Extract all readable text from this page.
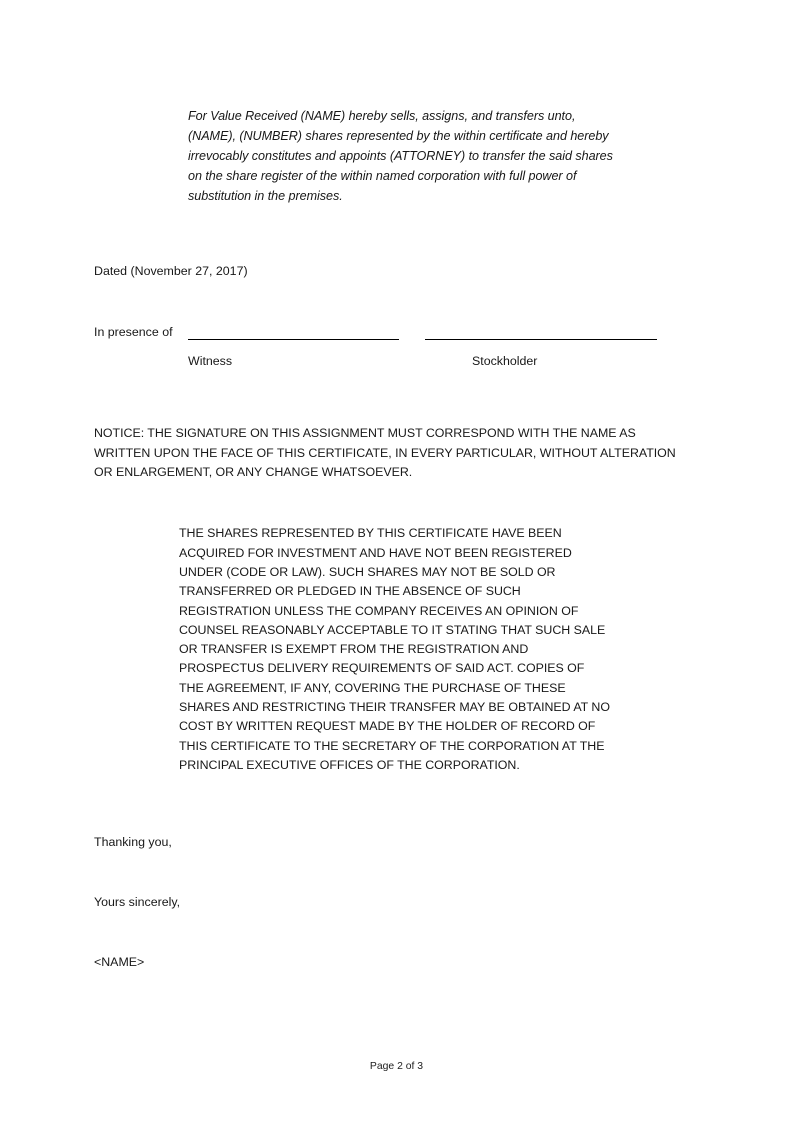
For Value Received (NAME) hereby sells, assigns, and transfers unto, (NAME), (NUMBER) shares represented by the within certificate and hereby irrevocably constitutes and appoints (ATTORNEY) to transfer the said shares on the share register of the within named corporation with full power of substitution in the premises.

Dated (November 27, 2017)
In presence of
Witness	Stockholder

NOTICE: THE SIGNATURE ON THIS ASSIGNMENT MUST CORRESPOND WITH THE NAME AS WRITTEN UPON THE FACE OF THIS CERTIFICATE, IN EVERY PARTICULAR, WITHOUT ALTERATION OR ENLARGEMENT, OR ANY CHANGE WHATSOEVER.

THE SHARES REPRESENTED BY THIS CERTIFICATE HAVE BEEN ACQUIRED FOR INVESTMENT AND HAVE NOT BEEN REGISTERED UNDER (CODE OR LAW). SUCH SHARES MAY NOT BE SOLD OR TRANSFERRED OR PLEDGED IN THE ABSENCE OF SUCH REGISTRATION UNLESS THE COMPANY RECEIVES AN OPINION OF COUNSEL REASONABLY ACCEPTABLE TO IT STATING THAT SUCH SALE OR TRANSFER IS EXEMPT FROM THE REGISTRATION AND PROSPECTUS DELIVERY REQUIREMENTS OF SAID ACT. COPIES OF THE AGREEMENT, IF ANY, COVERING THE PURCHASE OF THESE SHARES AND RESTRICTING THEIR TRANSFER MAY BE OBTAINED AT NO COST BY WRITTEN REQUEST MADE BY THE HOLDER OF RECORD OF THIS CERTIFICATE TO THE SECRETARY OF THE CORPORATION AT THE PRINCIPAL EXECUTIVE OFFICES OF THE CORPORATION.

Thanking you,
Yours sincerely,
<NAME>
Page 2 of 3
